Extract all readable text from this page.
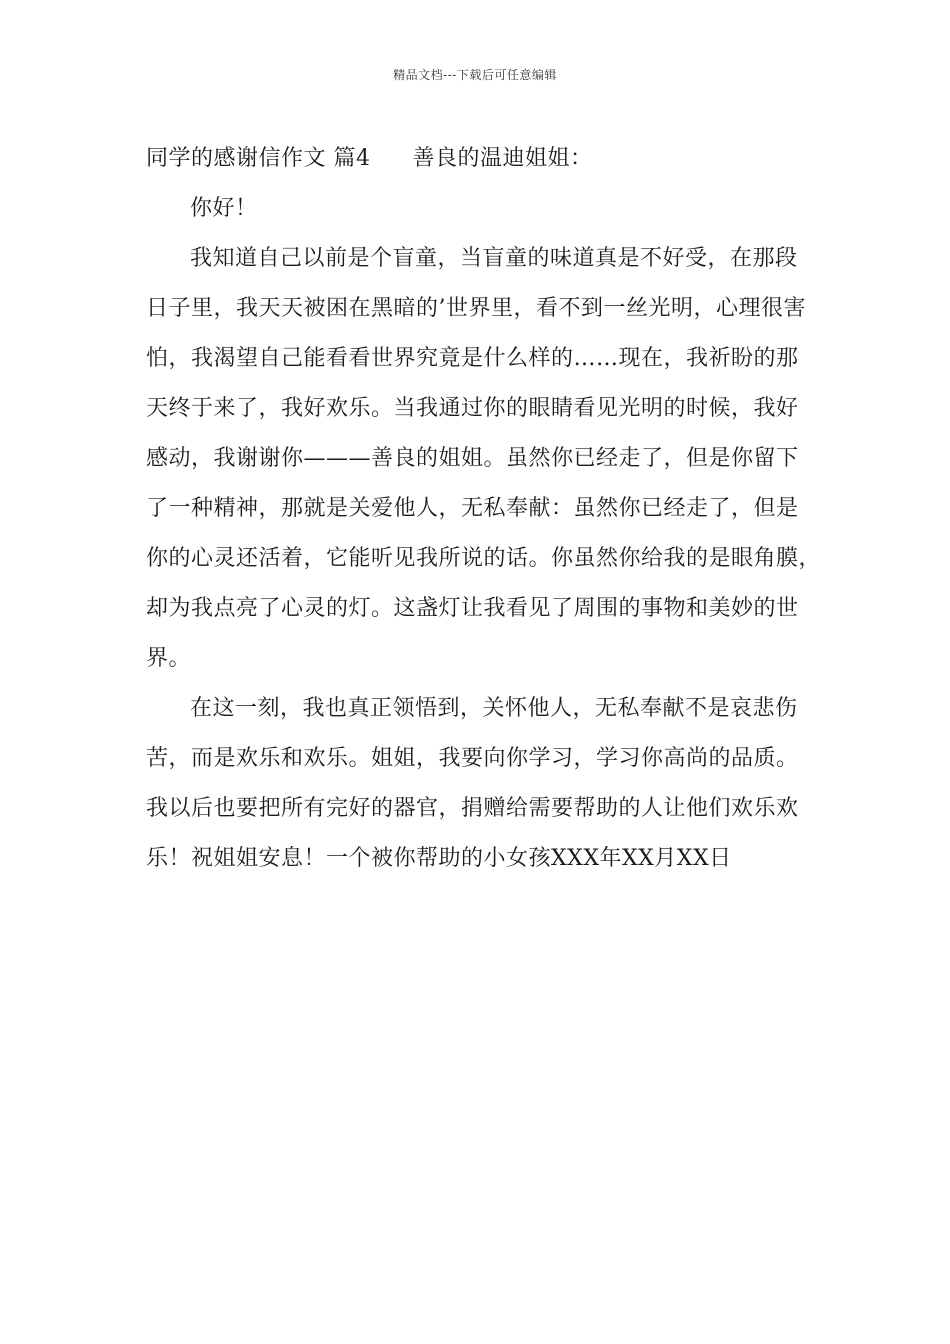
精品文档---下载后可任意编辑
同学的感谢信作文 篇4 善良的温迪姐姐：
你好！
我知道自己以前是个盲童，当盲童的味道真是不好受，在那段
日子里，我天天被困在黑暗的’世界里，看不到一丝光明，心理很害
怕，我渴望自己能看看世界究竟是什么样的……现在，我祈盼的那
天终于来了，我好欢乐。当我通过你的眼睛看见光明的时候，我好
感动，我谢谢你———善良的姐姐。虽然你已经走了，但是你留下
了一种精神，那就是关爱他人，无私奉献：虽然你已经走了，但是
你的心灵还活着，它能听见我所说的话。你虽然你给我的是眼角膜，
却为我点亮了心灵的灯。这盏灯让我看见了周围的事物和美妙的世
界。
在这一刻，我也真正领悟到，关怀他人，无私奉献不是哀悲伤
苦，而是欢乐和欢乐。姐姐，我要向你学习，学习你高尚的品质。
我以后也要把所有完好的器官，捐赠给需要帮助的人让他们欢乐欢
乐！祝姐姐安息！一个被你帮助的小女孩XXX年XX月XX日
